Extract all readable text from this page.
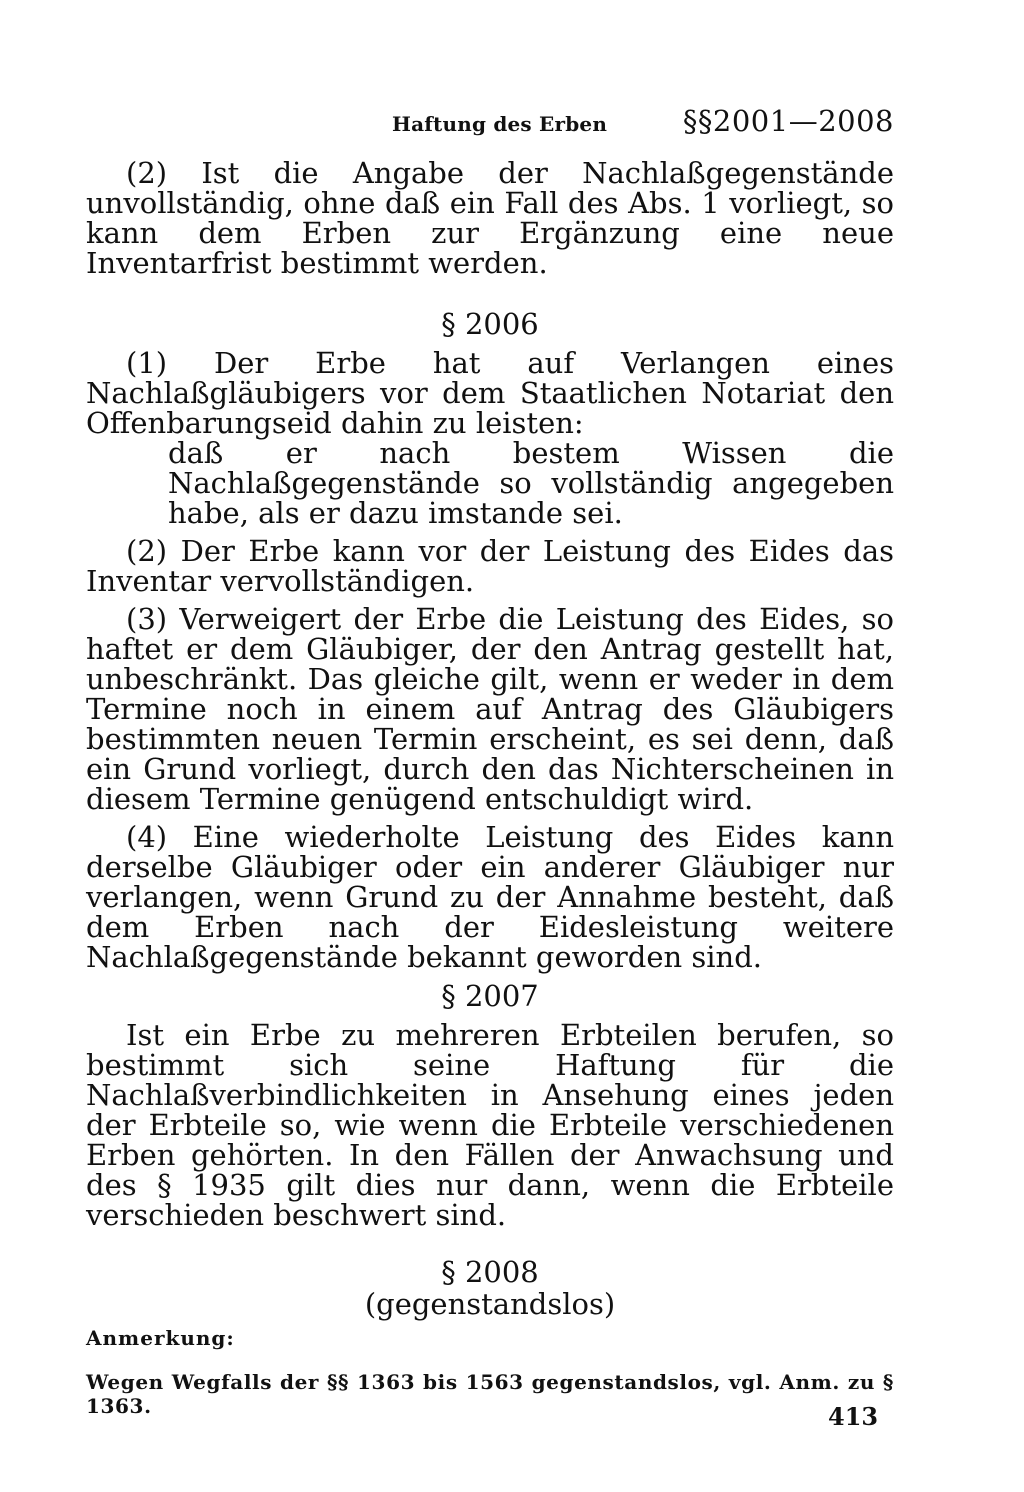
Haftung des Erben	§§2001—2008

(2) Ist die Angabe der Nachlaßgegenstände unvollständig, ohne daß ein Fall des Abs. 1 vorliegt, so kann dem Erben zur Ergänzung eine neue Inventarfrist bestimmt werden.

§ 2006

(1) Der Erbe hat auf Verlangen eines Nachlaßgläubigers vor dem Staatlichen Notariat den Offenbarungseid dahin zu leisten:

daß er nach bestem Wissen die Nachlaßgegenstände so vollständig angegeben habe, als er dazu imstande sei.

(2) Der Erbe kann vor der Leistung des Eides das Inventar vervollständigen.

(3) Verweigert der Erbe die Leistung des Eides, so haftet er dem Gläubiger, der den Antrag gestellt hat, unbeschränkt. Das gleiche gilt, wenn er weder in dem Termine noch in einem auf Antrag des Gläubigers bestimmten neuen Termin erscheint, es sei denn, daß ein Grund vorliegt, durch den das Nichterscheinen in diesem Termine genügend entschuldigt wird.

(4) Eine wiederholte Leistung des Eides kann derselbe Gläubiger oder ein anderer Gläubiger nur verlangen, wenn Grund zu der Annahme besteht, daß dem Erben nach der Eidesleistung weitere Nachlaßgegenstände bekannt geworden sind.

§ 2007

Ist ein Erbe zu mehreren Erbteilen berufen, so bestimmt sich seine Haftung für die Nachlaßverbindlichkeiten in Ansehung eines jeden der Erbteile so, wie wenn die Erbteile verschiedenen Erben gehörten. In den Fällen der Anwachsung und des § 1935 gilt dies nur dann, wenn die Erbteile verschieden beschwert sind.

§ 2008
(gegenstandslos)
Anmerkung:

Wegen Wegfalls der §§ 1363 bis 1563 gegenstandslos, vgl. Anm. zu § 1363.	413
